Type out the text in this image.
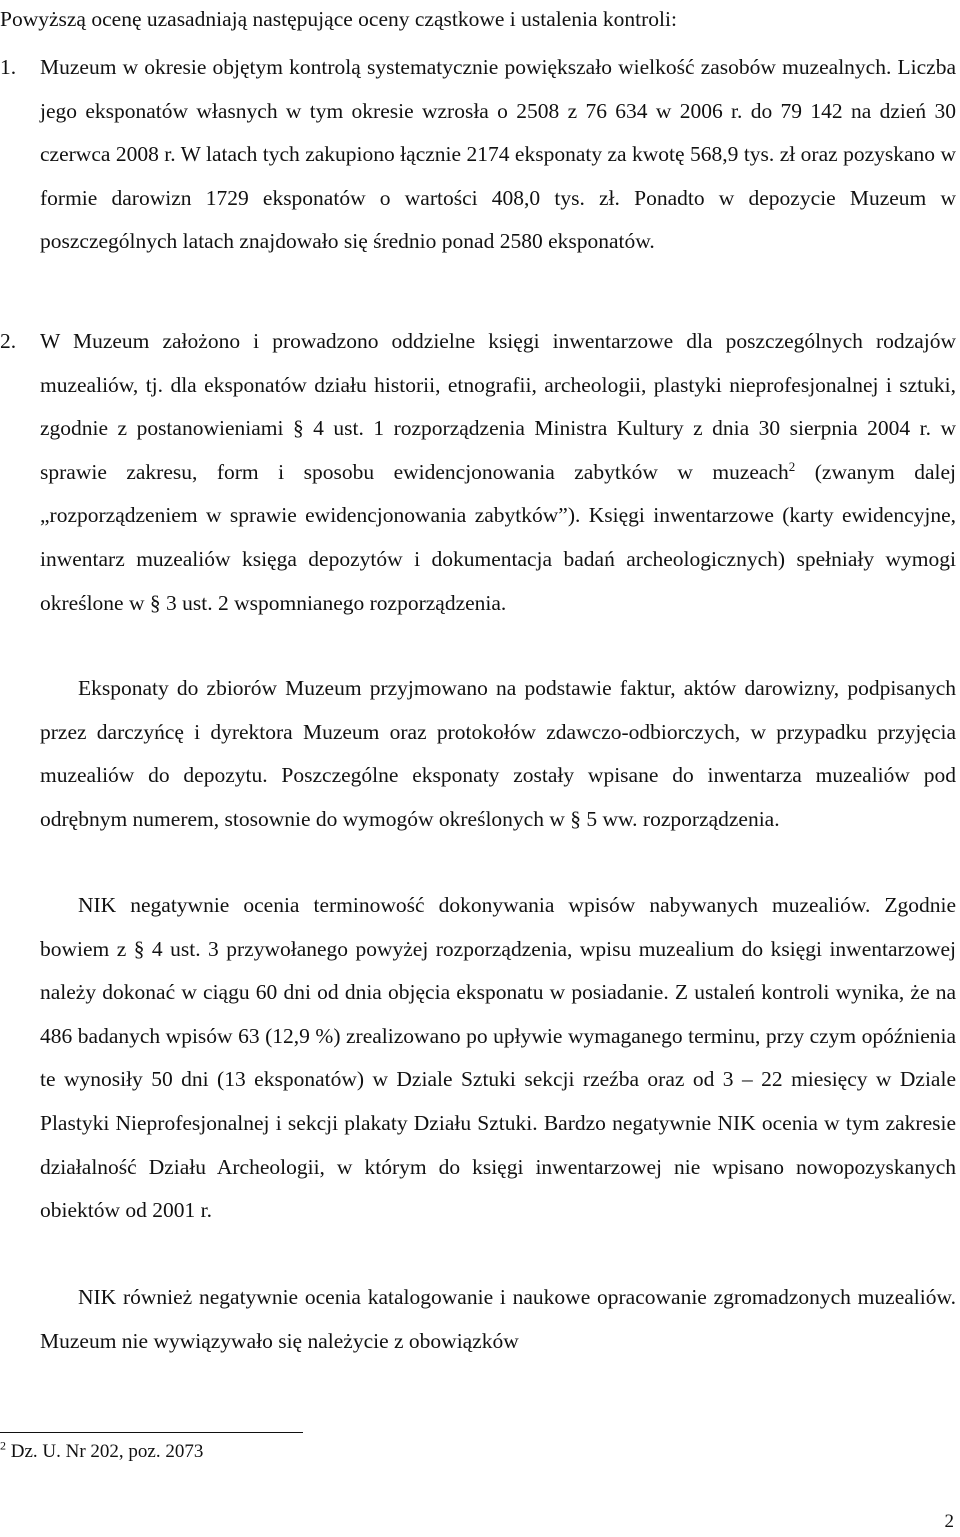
Powyższą ocenę uzasadniają następujące oceny cząstkowe i ustalenia kontroli:

1. Muzeum w okresie objętym kontrolą systematycznie powiększało wielkość zasobów muzealnych. Liczba jego eksponatów własnych w tym okresie wzrosła o 2508 z 76 634 w 2006 r. do 79 142 na dzień 30 czerwca 2008 r. W latach tych zakupiono łącznie 2174 eksponaty za kwotę 568,9 tys. zł oraz pozyskano w formie darowizn 1729 eksponatów o wartości 408,0 tys. zł. Ponadto w depozycie Muzeum w poszczególnych latach znajdowało się średnio ponad 2580 eksponatów.

2. W Muzeum założono i prowadzono oddzielne księgi inwentarzowe dla poszczególnych rodzajów muzealiów, tj. dla eksponatów działu historii, etnografii, archeologii, plastyki nieprofesjonalnej i sztuki, zgodnie z postanowieniami § 4 ust. 1 rozporządzenia Ministra Kultury z dnia 30 sierpnia 2004 r. w sprawie zakresu, form i sposobu ewidencjonowania zabytków w muzeach$^2$ (zwanym dalej „rozporządzeniem w sprawie ewidencjonowania zabytków”). Księgi inwentarzowe (karty ewidencyjne, inwentarz muzealiów księga depozytów i dokumentacja badań archeologicznych) spełniały wymogi określone w § 3 ust. 2 wspomnianego rozporządzenia.

Eksponaty do zbiorów Muzeum przyjmowano na podstawie faktur, aktów darowizny, podpisanych przez darczyńcę i dyrektora Muzeum oraz protokołów zdawczo-odbiorczych, w przypadku przyjęcia muzealiów do depozytu. Poszczególne eksponaty zostały wpisane do inwentarza muzealiów pod odrębnym numerem, stosownie do wymogów określonych w § 5 ww. rozporządzenia.

NIK negatywnie ocenia terminowość dokonywania wpisów nabywanych muzealiów. Zgodnie bowiem z § 4 ust. 3 przywołanego powyżej rozporządzenia, wpisu muzealium do księgi inwentarzowej należy dokonać w ciągu 60 dni od dnia objęcia eksponatu w posiadanie. Z ustaleń kontroli wynika, że na 486 badanych wpisów 63 (12,9 %) zrealizowano po upływie wymaganego terminu, przy czym opóźnienia te wynosiły 50 dni (13 eksponatów) w Dziale Sztuki sekcji rzeźba oraz od 3 – 22 miesięcy w Dziale Plastyki Nieprofesjonalnej i sekcji plakaty Działu Sztuki. Bardzo negatywnie NIK ocenia w tym zakresie działalność Działu Archeologii, w którym do księgi inwentarzowej nie wpisano nowopozyskanych obiektów od 2001 r.

NIK również negatywnie ocenia katalogowanie i naukowe opracowanie zgromadzonych muzealiów. Muzeum nie wywiązywało się należycie z obowiązków

$^2$ Dz. U. Nr 202, poz. 2073

2
